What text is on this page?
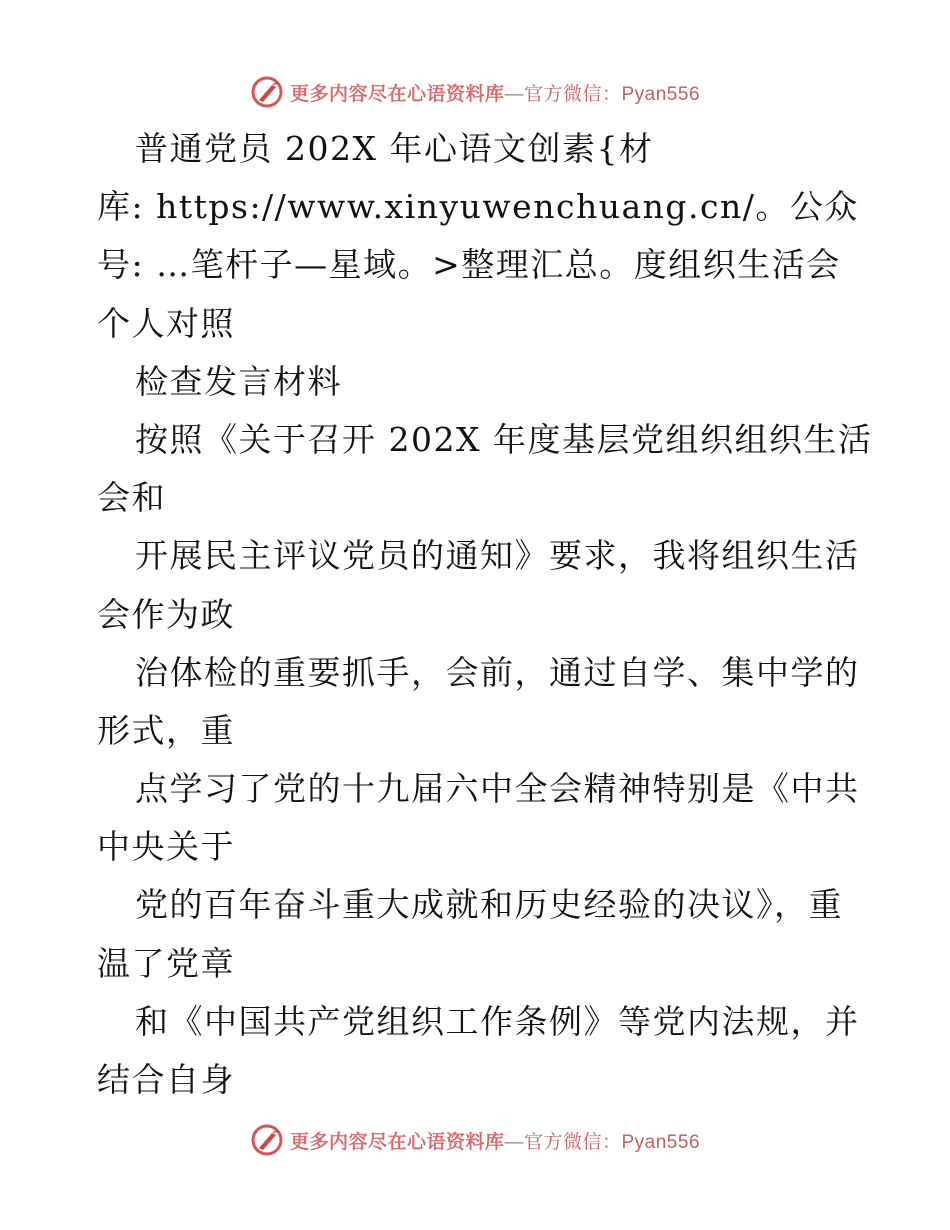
更多内容尽在心语资料库—官方微信：Pyan556
普通党员 202X 年心语文创素{材
库: https://www.xinyuwenchuang.cn/。公众
号: …笔杆子—星域。>整理汇总。度组织生活会
个人对照
检查发言材料
按照《关于召开 202X 年度基层党组织组织生活
会和
开展民主评议党员的通知》要求，我将组织生活
会作为政
治体检的重要抓手，会前，通过自学、集中学的
形式，重
点学习了党的十九届六中全会精神特别是《中共
中央关于
党的百年奋斗重大成就和历史经验的决议》，重
温了党章
和《中国共产党组织工作条例》等党内法规，并
结合自身
更多内容尽在心语资料库—官方微信：Pyan556
